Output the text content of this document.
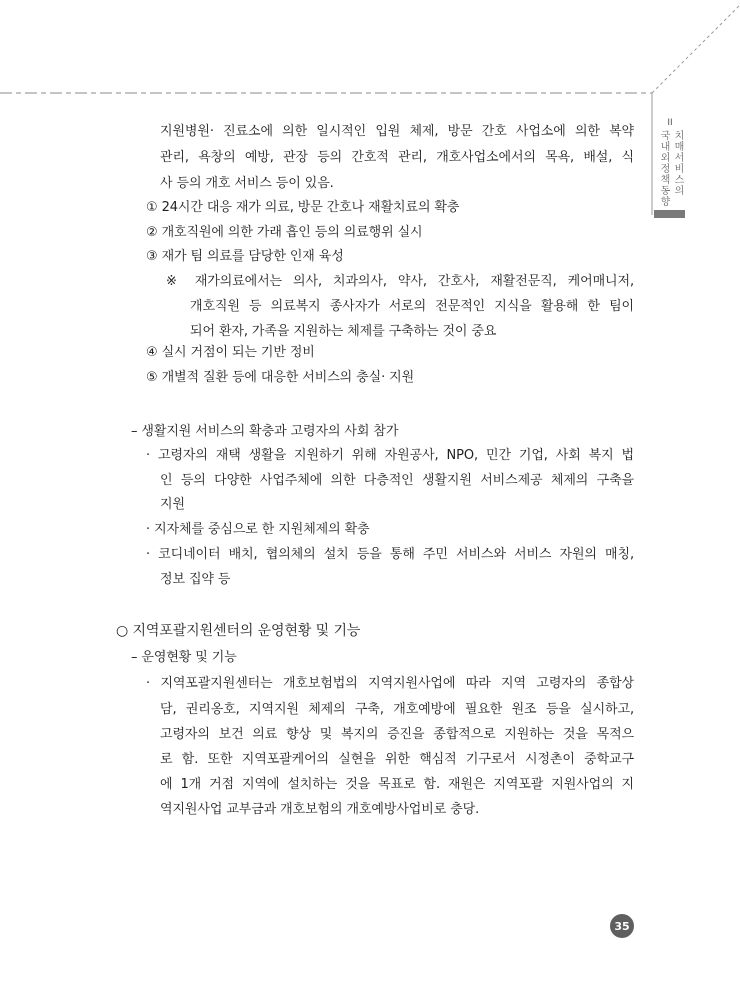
II
국내외정책동향 치매서비스의
지원병원· 진료소에 의한 일시적인 입원 체제, 방문 간호 사업소에 의한 복약
관리, 욕창의 예방, 관장 등의 간호적 관리, 개호사업소에서의 목욕, 배설, 식
사 등의 개호 서비스 등이 있음.
① 24시간 대응 재가 의료, 방문 간호나 재활치료의 확충
② 개호직원에 의한 가래 흡인 등의 의료행위 실시
③ 재가 팀 의료를 담당한 인재 육성
※ 재가의료에서는 의사, 치과의사, 약사, 간호사, 재활전문직, 케어매니저,
개호직원 등 의료복지 종사자가 서로의 전문적인 지식을 활용해 한 팀이
되어 환자, 가족을 지원하는 체제를 구축하는 것이 중요
④ 실시 거점이 되는 기반 정비
⑤ 개별적 질환 등에 대응한 서비스의 충실· 지원
– 생활지원 서비스의 확충과 고령자의 사회 참가
· 고령자의 재택 생활을 지원하기 위해 자원공사, NPO, 민간 기업, 사회 복지 법
인 등의 다양한 사업주체에 의한 다층적인 생활지원 서비스제공 체제의 구축을
지원
· 지자체를 중심으로 한 지원체제의 확충
· 코디네이터 배치, 협의체의 설치 등을 통해 주민 서비스와 서비스 자원의 매칭,
정보 집약 등
○ 지역포괄지원센터의 운영현황 및 기능
– 운영현황 및 기능
· 지역포괄지원센터는 개호보험법의 지역지원사업에 따라 지역 고령자의 종합상
담, 권리옹호, 지역지원 체제의 구축, 개호예방에 필요한 원조 등을 실시하고,
고령자의 보건 의료 향상 및 복지의 증진을 종합적으로 지원하는 것을 목적으
로 함. 또한 지역포괄케어의 실현을 위한 핵심적 기구로서 시정촌이 중학교구
에 1개 거점 지역에 설치하는 것을 목표로 함. 재원은 지역포괄 지원사업의 지
역지원사업 교부금과 개호보험의 개호예방사업비로 충당.
35
